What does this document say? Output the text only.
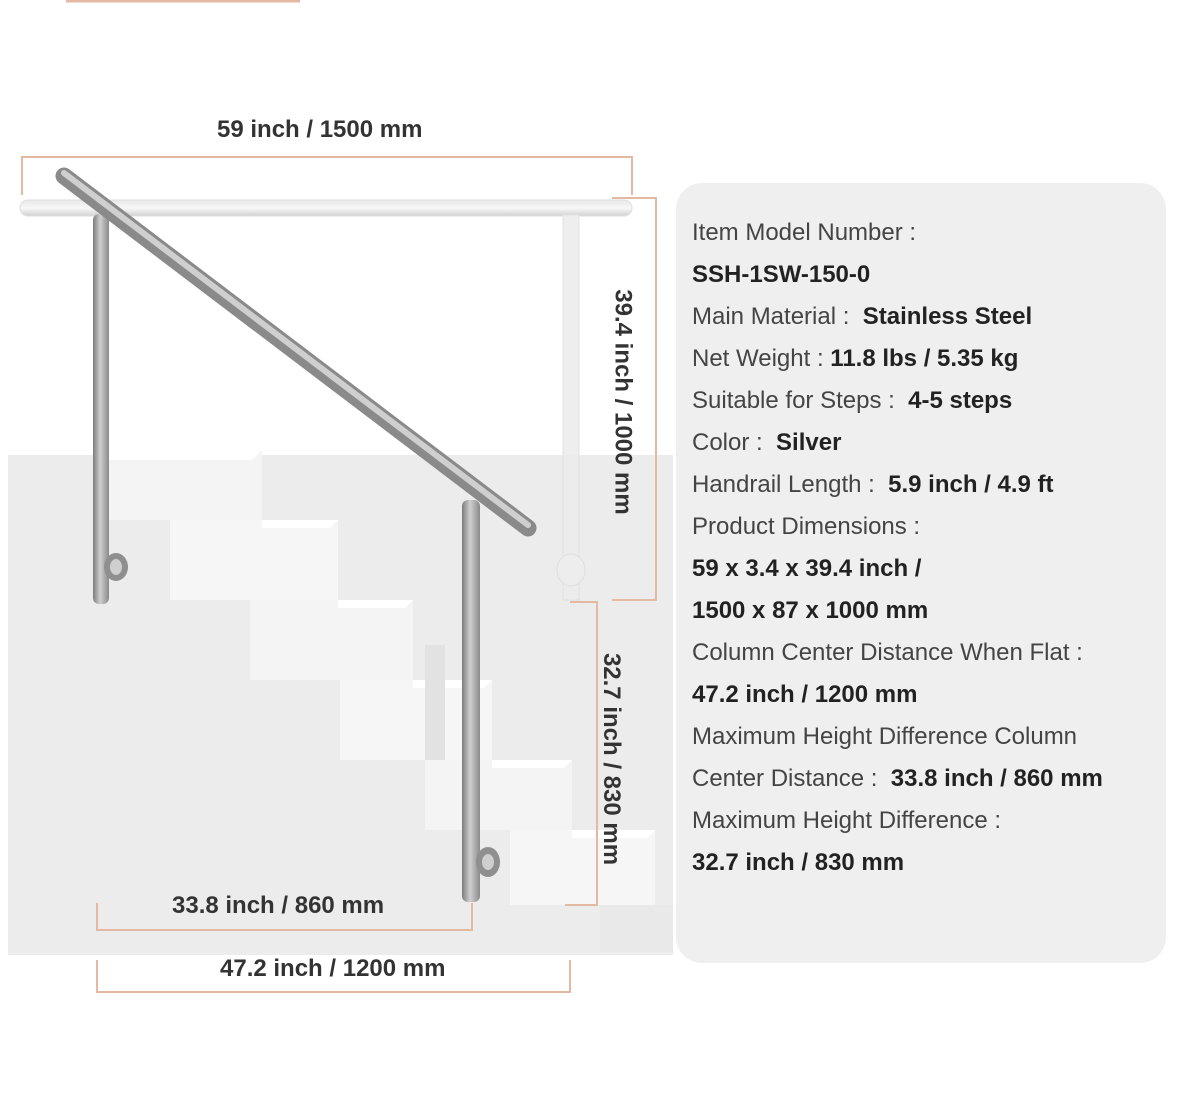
59 inch / 1500 mm
39.4 inch / 1000 mm
32.7 inch / 830 mm
33.8 inch / 860 mm
47.2 inch / 1200 mm
Item Model Number :
SSH-1SW-150-0
Main Material : Stainless Steel
Net Weight : 11.8 lbs / 5.35 kg
Suitable for Steps : 4-5 steps
Color : Silver
Handrail Length : 5.9 inch / 4.9 ft
Product Dimensions :
59 x 3.4 x 39.4 inch /
1500 x 87 x 1000 mm
Column Center Distance When Flat :
47.2 inch / 1200 mm
Maximum Height Difference Column
Center Distance : 33.8 inch / 860 mm
Maximum Height Difference :
32.7 inch / 830 mm
